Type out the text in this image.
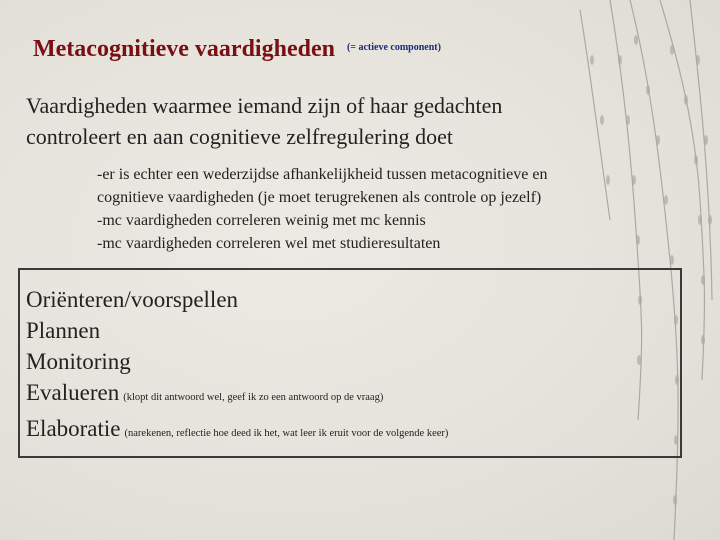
Metacognitieve vaardigheden $^{(= actieve component)}$
Vaardigheden waarmee iemand zijn of haar gedachten
controleert en aan cognitieve zelfregulering doet
-er is echter een wederzijdse afhankelijkheid tussen metacognitieve en
cognitieve vaardigheden (je moet terugrekenen als controle op jezelf)
-mc vaardigheden correleren weinig met mc kennis
-mc vaardigheden correleren wel met studieresultaten
Oriënteren/voorspellen
Plannen
Monitoring
Evalueren (klopt dit antwoord wel, geef ik zo een antwoord op de vraag)
Elaboratie (narekenen, reflectie hoe deed ik het, wat leer ik eruit voor de volgende keer)
